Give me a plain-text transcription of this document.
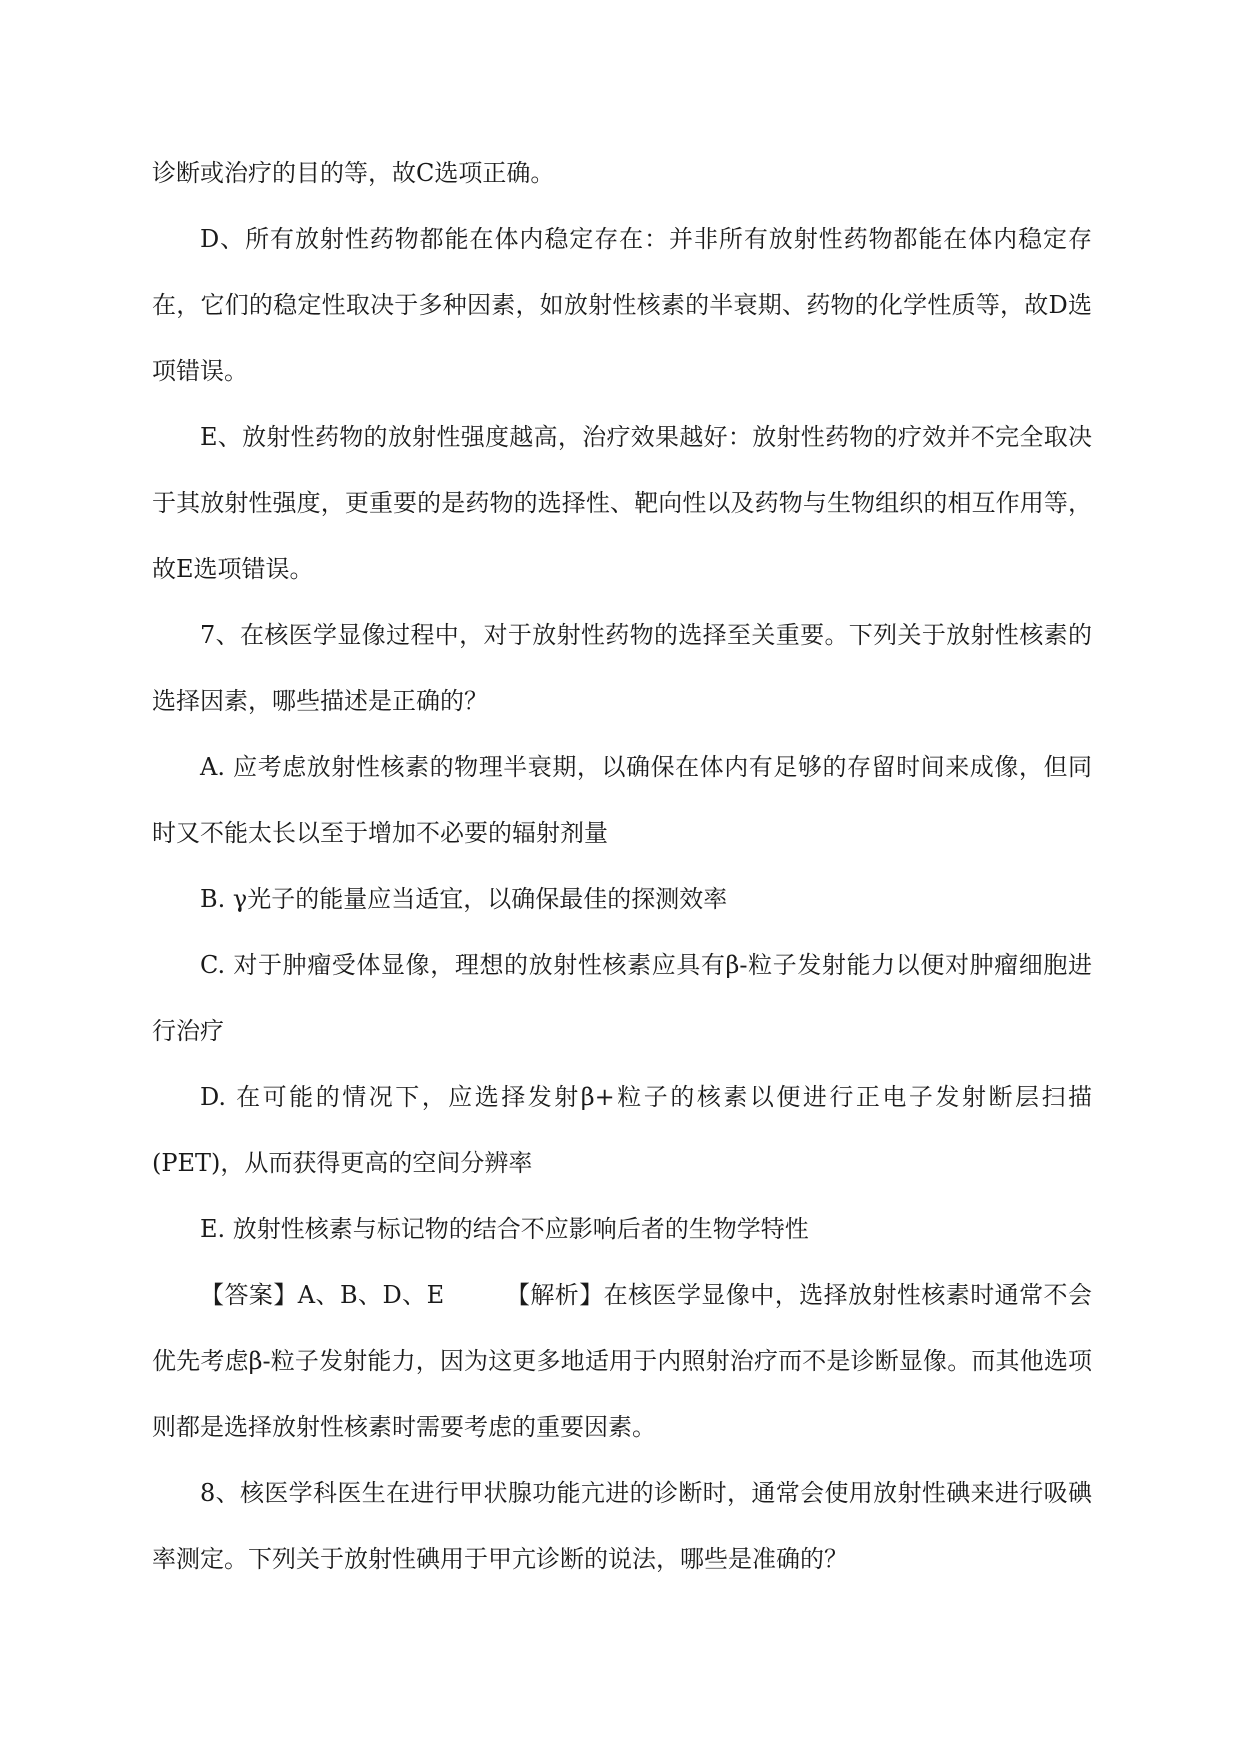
诊断或治疗的目的等，故C选项正确。

D、所有放射性药物都能在体内稳定存在：并非所有放射性药物都能在体内稳定存在，它们的稳定性取决于多种因素，如放射性核素的半衰期、药物的化学性质等，故D选项错误。

E、放射性药物的放射性强度越高，治疗效果越好：放射性药物的疗效并不完全取决于其放射性强度，更重要的是药物的选择性、靶向性以及药物与生物组织的相互作用等，故E选项错误。

7、在核医学显像过程中，对于放射性药物的选择至关重要。下列关于放射性核素的选择因素，哪些描述是正确的？

A. 应考虑放射性核素的物理半衰期，以确保在体内有足够的存留时间来成像，但同时又不能太长以至于增加不必要的辐射剂量

B. γ光子的能量应当适宜，以确保最佳的探测效率

C. 对于肿瘤受体显像，理想的放射性核素应具有β-粒子发射能力以便对肿瘤细胞进行治疗

D. 在可能的情况下，应选择发射β+粒子的核素以便进行正电子发射断层扫描(PET)，从而获得更高的空间分辨率

E. 放射性核素与标记物的结合不应影响后者的生物学特性

【答案】A、B、D、E　　　【解析】在核医学显像中，选择放射性核素时通常不会优先考虑β-粒子发射能力，因为这更多地适用于内照射治疗而不是诊断显像。而其他选项则都是选择放射性核素时需要考虑的重要因素。

8、核医学科医生在进行甲状腺功能亢进的诊断时，通常会使用放射性碘来进行吸碘率测定。下列关于放射性碘用于甲亢诊断的说法，哪些是准确的？
